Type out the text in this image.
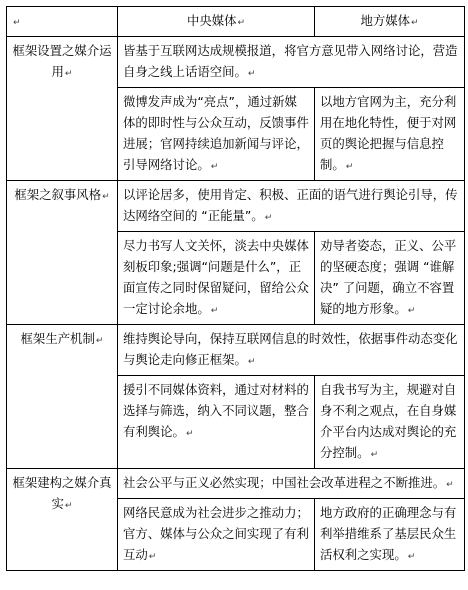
↵	中央媒体↵	地方媒体↵
框架设置之媒介运用↵	皆基于互联网达成规模报道，将官方意见带入网络讨论，营造自身之线上话语空间。↵	
	微博发声成为“亮点”，通过新媒体的即时性与公众互动，反馈事件进展；官网持续追加新闻与评论，引导网络讨论。↵	以地方官网为主，充分利用在地化特性，便于对网页的舆论把握与信息控制。↵
框架之叙事风格↵	以评论居多，使用肯定、积极、正面的语气进行舆论引导，传达网络空间的 “正能量”。↵	
	尽力书写人文关怀，淡去中央媒体刻板印象;强调“问题是什么”，正面宣传之同时保留疑问，留给公众一定讨论余地。↵	劝导者姿态，正义、公平的坚硬态度；强调 “谁解决” 了问题，确立不容置疑的地方形象。↵
框架生产机制↵	维持舆论导向，保持互联网信息的时效性，依据事件动态变化与舆论走向修正框架。↵	
	援引不同媒体资料，通过对材料的选择与筛选，纳入不同议题，整合有利舆论。↵	自我书写为主，规避对自身不利之观点，在自身媒介平台内达成对舆论的充分控制。↵
框架建构之媒介真实↵	社会公平与正义必然实现；中国社会改革进程之不断推进。↵	
	网络民意成为社会进步之推动力；官方、媒体与公众之间实现了有利互动↵	地方政府的正确理念与有利举措维系了基层民众生活权利之实现。↵
